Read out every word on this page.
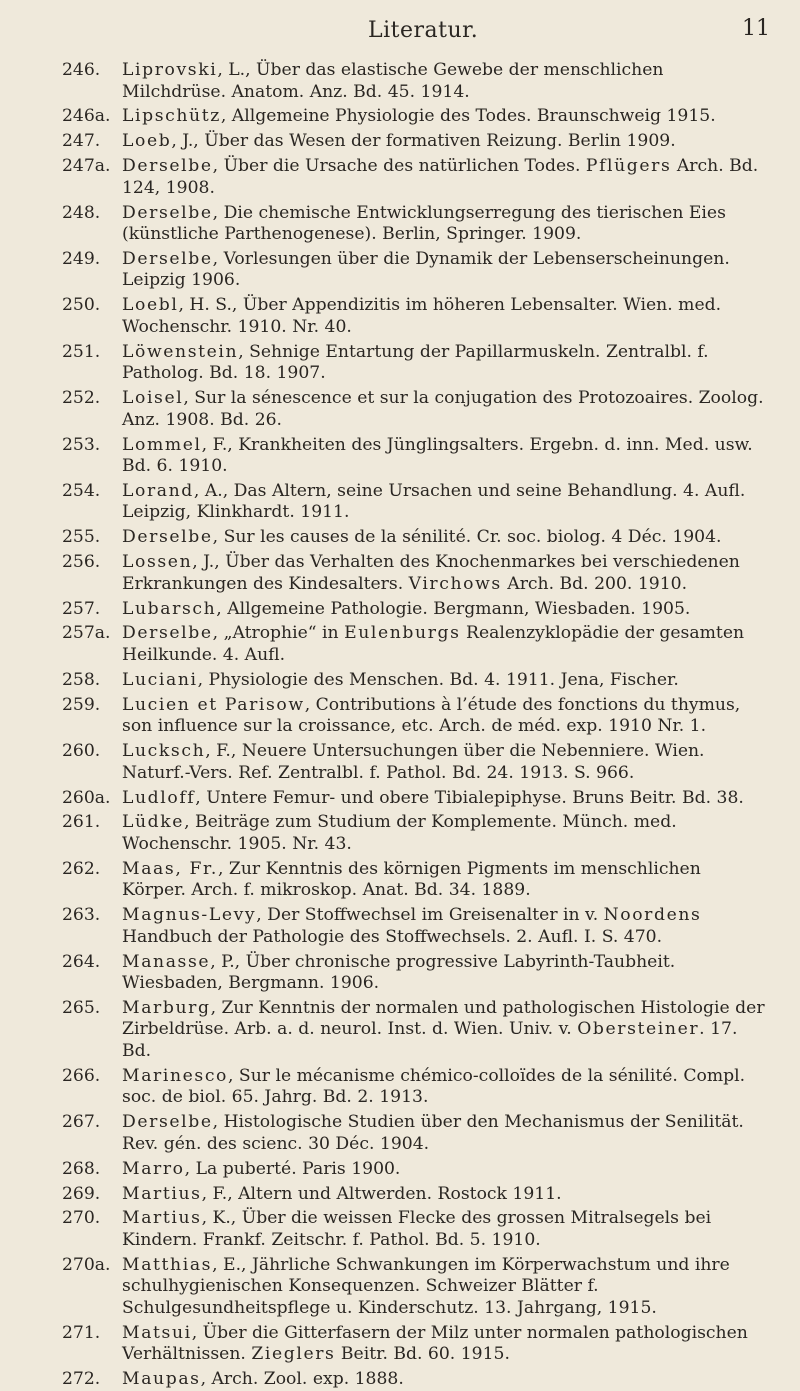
Literatur.	11
246.	Liprovski, L., Über das elastische Gewebe der menschlichen Milchdrüse. Anatom. Anz. Bd. 45. 1914.
246a. Lipschütz, Allgemeine Physiologie des Todes. Braunschweig 1915.
247.	Loeb, J., Über das Wesen der formativen Reizung. Berlin 1909.
247a. Derselbe, Über die Ursache des natürlichen Todes. Pflügers Arch. Bd. 124, 1908.
248.	Derselbe, Die chemische Entwicklungserregung des tierischen Eies (künstliche Parthenogenese). Berlin, Springer. 1909.
249.	Derselbe, Vorlesungen über die Dynamik der Lebenserscheinungen. Leipzig 1906.
250.	Loebl, H. S., Über Appendizitis im höheren Lebensalter. Wien. med. Wochenschr. 1910. Nr. 40.
251.	Löwenstein, Sehnige Entartung der Papillarmuskeln. Zentralbl. f. Patholog. Bd. 18. 1907.
252.	Loisel, Sur la sénescence et sur la conjugation des Protozoaires. Zoolog. Anz. 1908. Bd. 26.
253.	Lommel, F., Krankheiten des Jünglingsalters. Ergebn. d. inn. Med. usw. Bd. 6. 1910.
254.	Lorand, A., Das Altern, seine Ursachen und seine Behandlung. 4. Aufl. Leipzig, Klinkhardt. 1911.
255.	Derselbe, Sur les causes de la sénilité. Cr. soc. biolog. 4 Déc. 1904.
256.	Lossen, J., Über das Verhalten des Knochenmarkes bei verschiedenen Erkrankungen des Kindesalters. Virchows Arch. Bd. 200. 1910.
257.	Lubarsch, Allgemeine Pathologie. Bergmann, Wiesbaden. 1905.
257a. Derselbe, „Atrophie“ in Eulenburgs Realenzyklopädie der gesamten Heilkunde. 4. Aufl.
258.	Luciani, Physiologie des Menschen. Bd. 4. 1911. Jena, Fischer.
259.	Lucien et Parisow, Contributions à l’étude des fonctions du thymus, son influence sur la croissance, etc. Arch. de méd. exp. 1910 Nr. 1.
260.	Lucksch, F., Neuere Untersuchungen über die Nebenniere. Wien. Naturf.-Vers. Ref. Zentralbl. f. Pathol. Bd. 24. 1913. S. 966.
260a. Ludloff, Untere Femur- und obere Tibialepiphyse. Bruns Beitr. Bd. 38.
261.	Lüdke, Beiträge zum Studium der Komplemente. Münch. med. Wochenschr. 1905. Nr. 43.
262.	Maas, Fr., Zur Kenntnis des körnigen Pigments im menschlichen Körper. Arch. f. mikroskop. Anat. Bd. 34. 1889.
263.	Magnus-Levy, Der Stoffwechsel im Greisenalter in v. Noordens Handbuch der Pathologie des Stoffwechsels. 2. Aufl. I. S. 470.
264.	Manasse, P., Über chronische progressive Labyrinth-Taubheit. Wiesbaden, Bergmann. 1906.
265.	Marburg, Zur Kenntnis der normalen und pathologischen Histologie der Zirbeldrüse. Arb. a. d. neurol. Inst. d. Wien. Univ. v. Obersteiner. 17. Bd.
266.	Marinesco, Sur le mécanisme chémico-colloïdes de la sénilité. Compl. soc. de biol. 65. Jahrg. Bd. 2. 1913.
267.	Derselbe, Histologische Studien über den Mechanismus der Senilität. Rev. gén. des scienc. 30 Déc. 1904.
268.	Marro, La puberté. Paris 1900.
269.	Martius, F., Altern und Altwerden. Rostock 1911.
270.	Martius, K., Über die weissen Flecke des grossen Mitralsegels bei Kindern. Frankf. Zeitschr. f. Pathol. Bd. 5. 1910.
270a. Matthias, E., Jährliche Schwankungen im Körperwachstum und ihre schulhygienischen Konsequenzen. Schweizer Blätter f. Schulgesundheitspflege u. Kinderschutz. 13. Jahrgang, 1915.
271.	Matsui, Über die Gitterfasern der Milz unter normalen pathologischen Verhältnissen. Zieglers Beitr. Bd. 60. 1915.
272.	Maupas, Arch. Zool. exp. 1888.
